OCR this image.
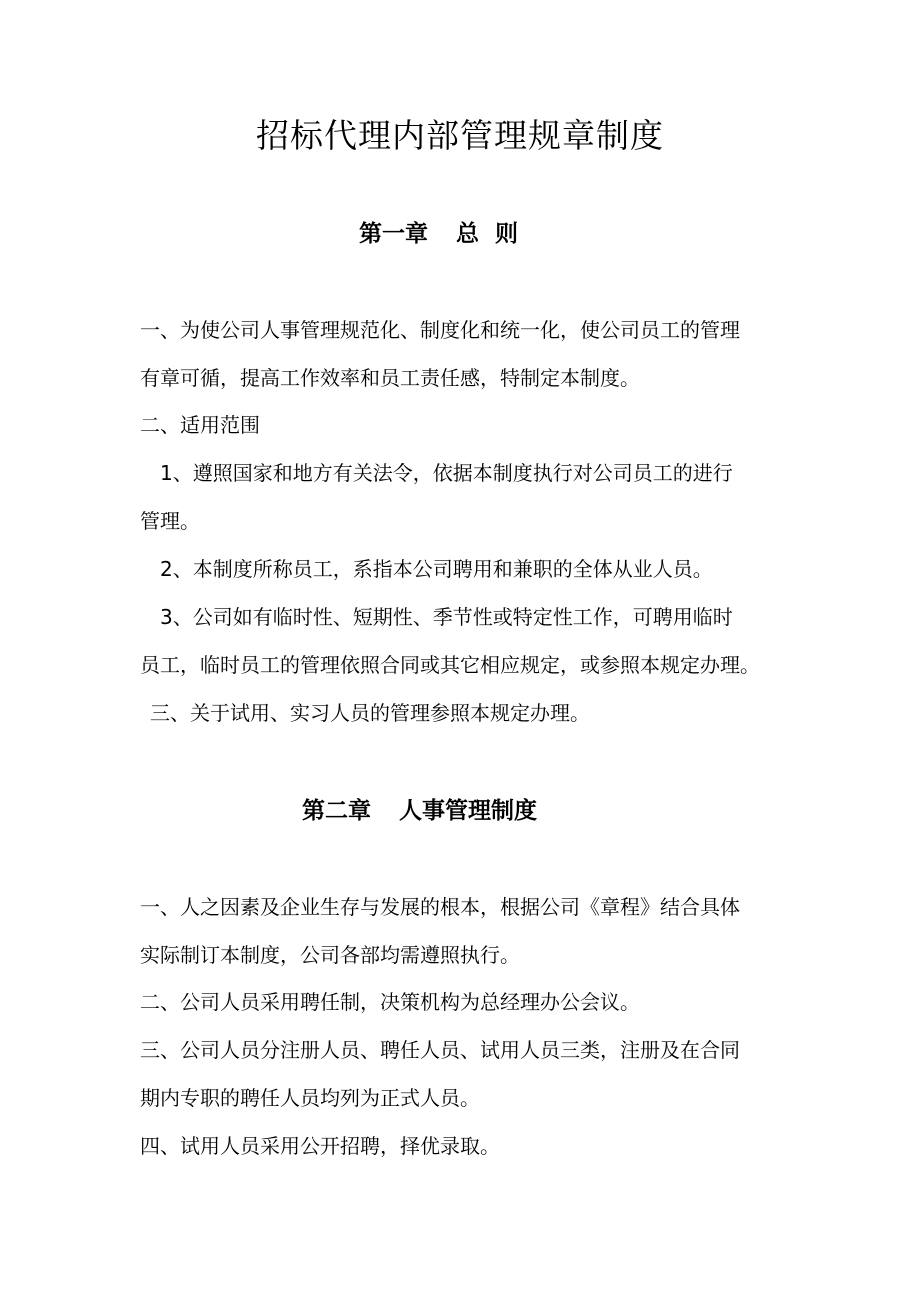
招标代理内部管理规章制度
第一章 总  则
一、为使公司人事管理规范化、制度化和统一化，使公司员工的管理
有章可循，提高工作效率和员工责任感，特制定本制度。
二、适用范围
1、遵照国家和地方有关法令，依据本制度执行对公司员工的进行
管理。
2、本制度所称员工，系指本公司聘用和兼职的全体从业人员。
3、公司如有临时性、短期性、季节性或特定性工作，可聘用临时
员工，临时员工的管理依照合同或其它相应规定，或参照本规定办理。
三、关于试用、实习人员的管理参照本规定办理。
第二章 人事管理制度
一、人之因素及企业生存与发展的根本，根据公司《章程》结合具体
实际制订本制度，公司各部均需遵照执行。
二、公司人员采用聘任制，决策机构为总经理办公会议。
三、公司人员分注册人员、聘任人员、试用人员三类，注册及在合同
期内专职的聘任人员均列为正式人员。
四、试用人员采用公开招聘，择优录取。
